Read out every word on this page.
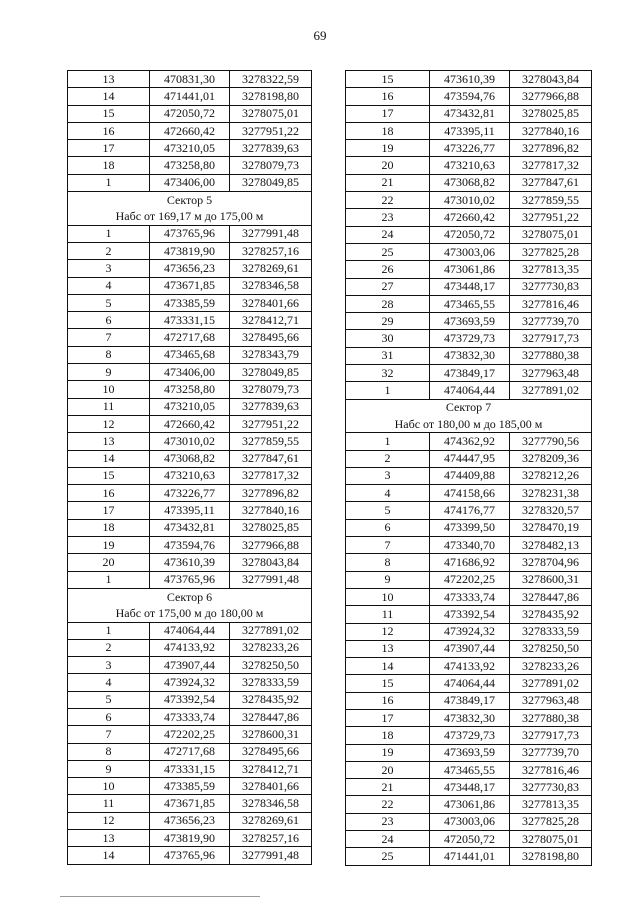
69
13	470831,30	3278322,59
14	471441,01	3278198,80
15	472050,72	3278075,01
16	472660,42	3277951,22
17	473210,05	3277839,63
18	473258,80	3278079,73
1	473406,00	3278049,85
Сектор 5		
Набс от 169,17 м до 175,00 м		
1	473765,96	3277991,48
2	473819,90	3278257,16
3	473656,23	3278269,61
4	473671,85	3278346,58
5	473385,59	3278401,66
6	473331,15	3278412,71
7	472717,68	3278495,66
8	473465,68	3278343,79
9	473406,00	3278049,85
10	473258,80	3278079,73
11	473210,05	3277839,63
12	472660,42	3277951,22
13	473010,02	3277859,55
14	473068,82	3277847,61
15	473210,63	3277817,32
16	473226,77	3277896,82
17	473395,11	3277840,16
18	473432,81	3278025,85
19	473594,76	3277966,88
20	473610,39	3278043,84
1	473765,96	3277991,48
Сектор 6		
Набс от 175,00 м до 180,00 м		
1	474064,44	3277891,02
2	474133,92	3278233,26
3	473907,44	3278250,50
4	473924,32	3278333,59
5	473392,54	3278435,92
6	473333,74	3278447,86
7	472202,25	3278600,31
8	472717,68	3278495,66
9	473331,15	3278412,71
10	473385,59	3278401,66
11	473671,85	3278346,58
12	473656,23	3278269,61
13	473819,90	3278257,16
14	473765,96	3277991,48
15	473610,39	3278043,84
16	473594,76	3277966,88
17	473432,81	3278025,85
18	473395,11	3277840,16
19	473226,77	3277896,82
20	473210,63	3277817,32
21	473068,82	3277847,61
22	473010,02	3277859,55
23	472660,42	3277951,22
24	472050,72	3278075,01
25	473003,06	3277825,28
26	473061,86	3277813,35
27	473448,17	3277730,83
28	473465,55	3277816,46
29	473693,59	3277739,70
30	473729,73	3277917,73
31	473832,30	3277880,38
32	473849,17	3277963,48
1	474064,44	3277891,02
Сектор 7		
Набс от 180,00 м до 185,00 м		
1	474362,92	3277790,56
2	474447,95	3278209,36
3	474409,88	3278212,26
4	474158,66	3278231,38
5	474176,77	3278320,57
6	473399,50	3278470,19
7	473340,70	3278482,13
8	471686,92	3278704,96
9	472202,25	3278600,31
10	473333,74	3278447,86
11	473392,54	3278435,92
12	473924,32	3278333,59
13	473907,44	3278250,50
14	474133,92	3278233,26
15	474064,44	3277891,02
16	473849,17	3277963,48
17	473832,30	3277880,38
18	473729,73	3277917,73
19	473693,59	3277739,70
20	473465,55	3277816,46
21	473448,17	3277730,83
22	473061,86	3277813,35
23	473003,06	3277825,28
24	472050,72	3278075,01
25	471441,01	3278198,80
